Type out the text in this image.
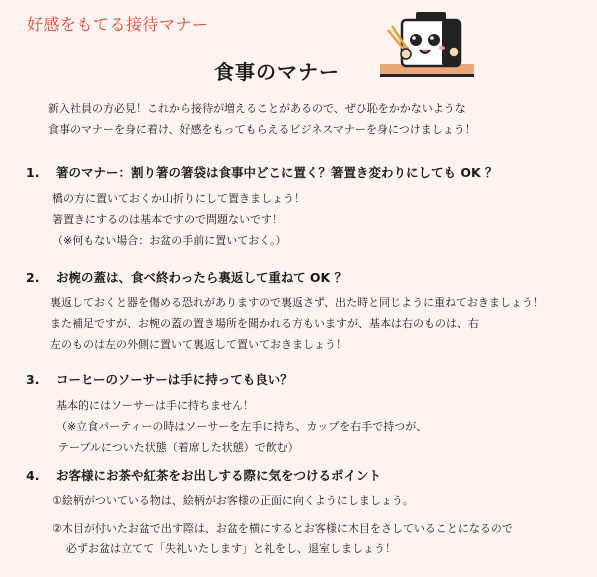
好感をもてる接待マナー
食事のマナー
新入社員の方必見！これから接待が増えることがあるので、ぜひ恥をかかないような
食事のマナーを身に着け、好感をもってもらえるビジネスマナーを身につけましょう！
1. 箸のマナー：割り箸の箸袋は食事中どこに置く？箸置き変わりにしても OK ？
橋の方に置いておくか山折りにして置きましょう！
箸置きにするのは基本ですので問題ないです！
（※何もない場合：お盆の手前に置いておく。）
2. お椀の蓋は、食べ終わったら裏返して重ねて OK ？
裏返しておくと器を傷める恐れがありますので裏返さず、出た時と同じように重ねておきましょう！
また補足ですが、お椀の蓋の置き場所を聞かれる方もいますが、基本は右のものは、右
左のものは左の外側に置いて裏返して置いておきましょう！
3. コーヒーのソーサーは手に持っても良い？
基本的にはソーサーは手に持ちません！
（※立食パーティーの時はソーサーを左手に持ち、カップを右手で持つが、
テーブルについた状態（着席した状態）で飲む）
4. お客様にお茶や紅茶をお出しする際に気をつけるポイント
①絵柄がついている物は、絵柄がお客様の正面に向くようにしましょう。
②木目が付いたお盆で出す際は、お盆を横にするとお客様に木目をさしていることになるので
必ずお盆は立てて「失礼いたします」と礼をし、退室しましょう！
